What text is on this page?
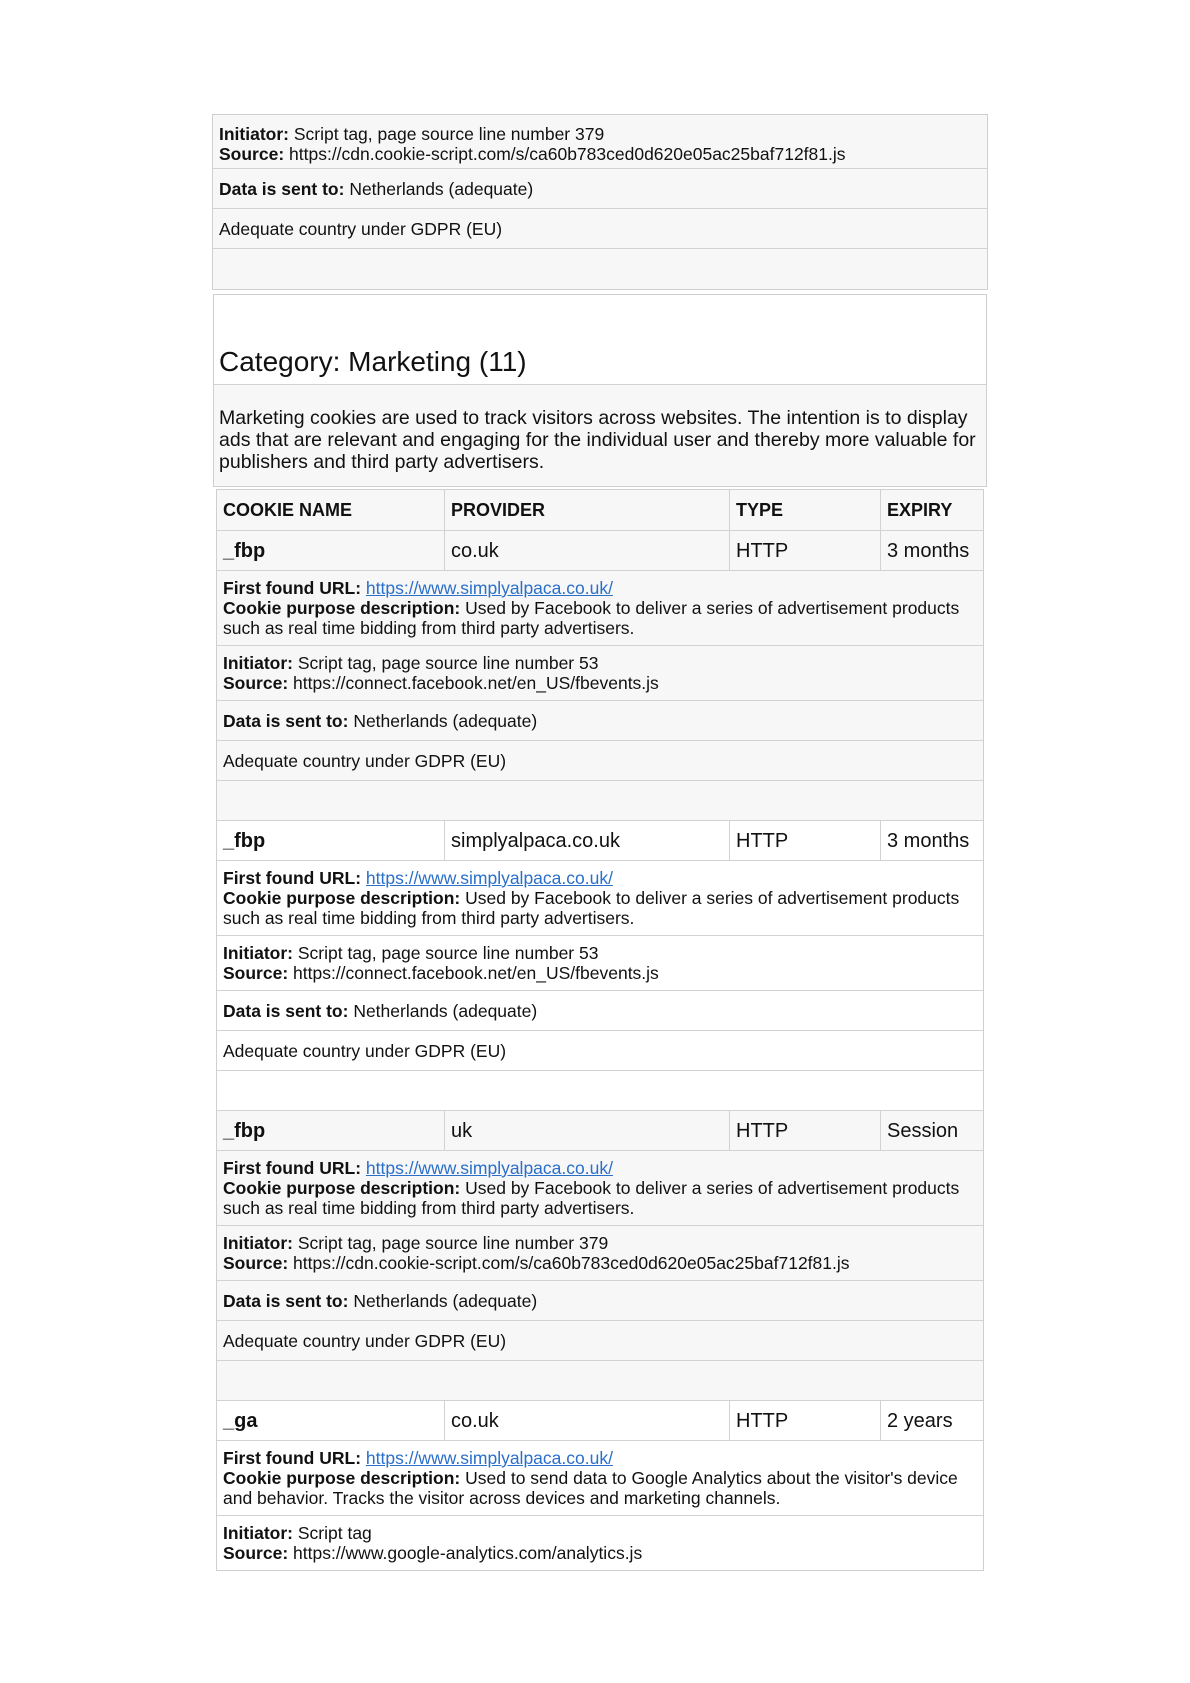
Initiator: Script tag, page source line number 379
Source: https://cdn.cookie-script.com/s/ca60b783ced0d620e05ac25baf712f81.js
Data is sent to: Netherlands (adequate)
Adequate country under GDPR (EU)
Category: Marketing (11)
Marketing cookies are used to track visitors across websites. The intention is to display ads that are relevant and engaging for the individual user and thereby more valuable for publishers and third party advertisers.
COOKIE NAME	PROVIDER	TYPE	EXPIRY
_fbp	co.uk	HTTP	3 months
First found URL: https://www.simplyalpaca.co.uk/
Cookie purpose description: Used by Facebook to deliver a series of advertisement products such as real time bidding from third party advertisers.
Initiator: Script tag, page source line number 53
Source: https://connect.facebook.net/en_US/fbevents.js
Data is sent to: Netherlands (adequate)
Adequate country under GDPR (EU)
_fbp	simplyalpaca.co.uk	HTTP	3 months
First found URL: https://www.simplyalpaca.co.uk/
Cookie purpose description: Used by Facebook to deliver a series of advertisement products such as real time bidding from third party advertisers.
Initiator: Script tag, page source line number 53
Source: https://connect.facebook.net/en_US/fbevents.js
Data is sent to: Netherlands (adequate)
Adequate country under GDPR (EU)
_fbp	uk	HTTP	Session
First found URL: https://www.simplyalpaca.co.uk/
Cookie purpose description: Used by Facebook to deliver a series of advertisement products such as real time bidding from third party advertisers.
Initiator: Script tag, page source line number 379
Source: https://cdn.cookie-script.com/s/ca60b783ced0d620e05ac25baf712f81.js
Data is sent to: Netherlands (adequate)
Adequate country under GDPR (EU)
_ga	co.uk	HTTP	2 years
First found URL: https://www.simplyalpaca.co.uk/
Cookie purpose description: Used to send data to Google Analytics about the visitor's device and behavior. Tracks the visitor across devices and marketing channels.
Initiator: Script tag
Source: https://www.google-analytics.com/analytics.js
